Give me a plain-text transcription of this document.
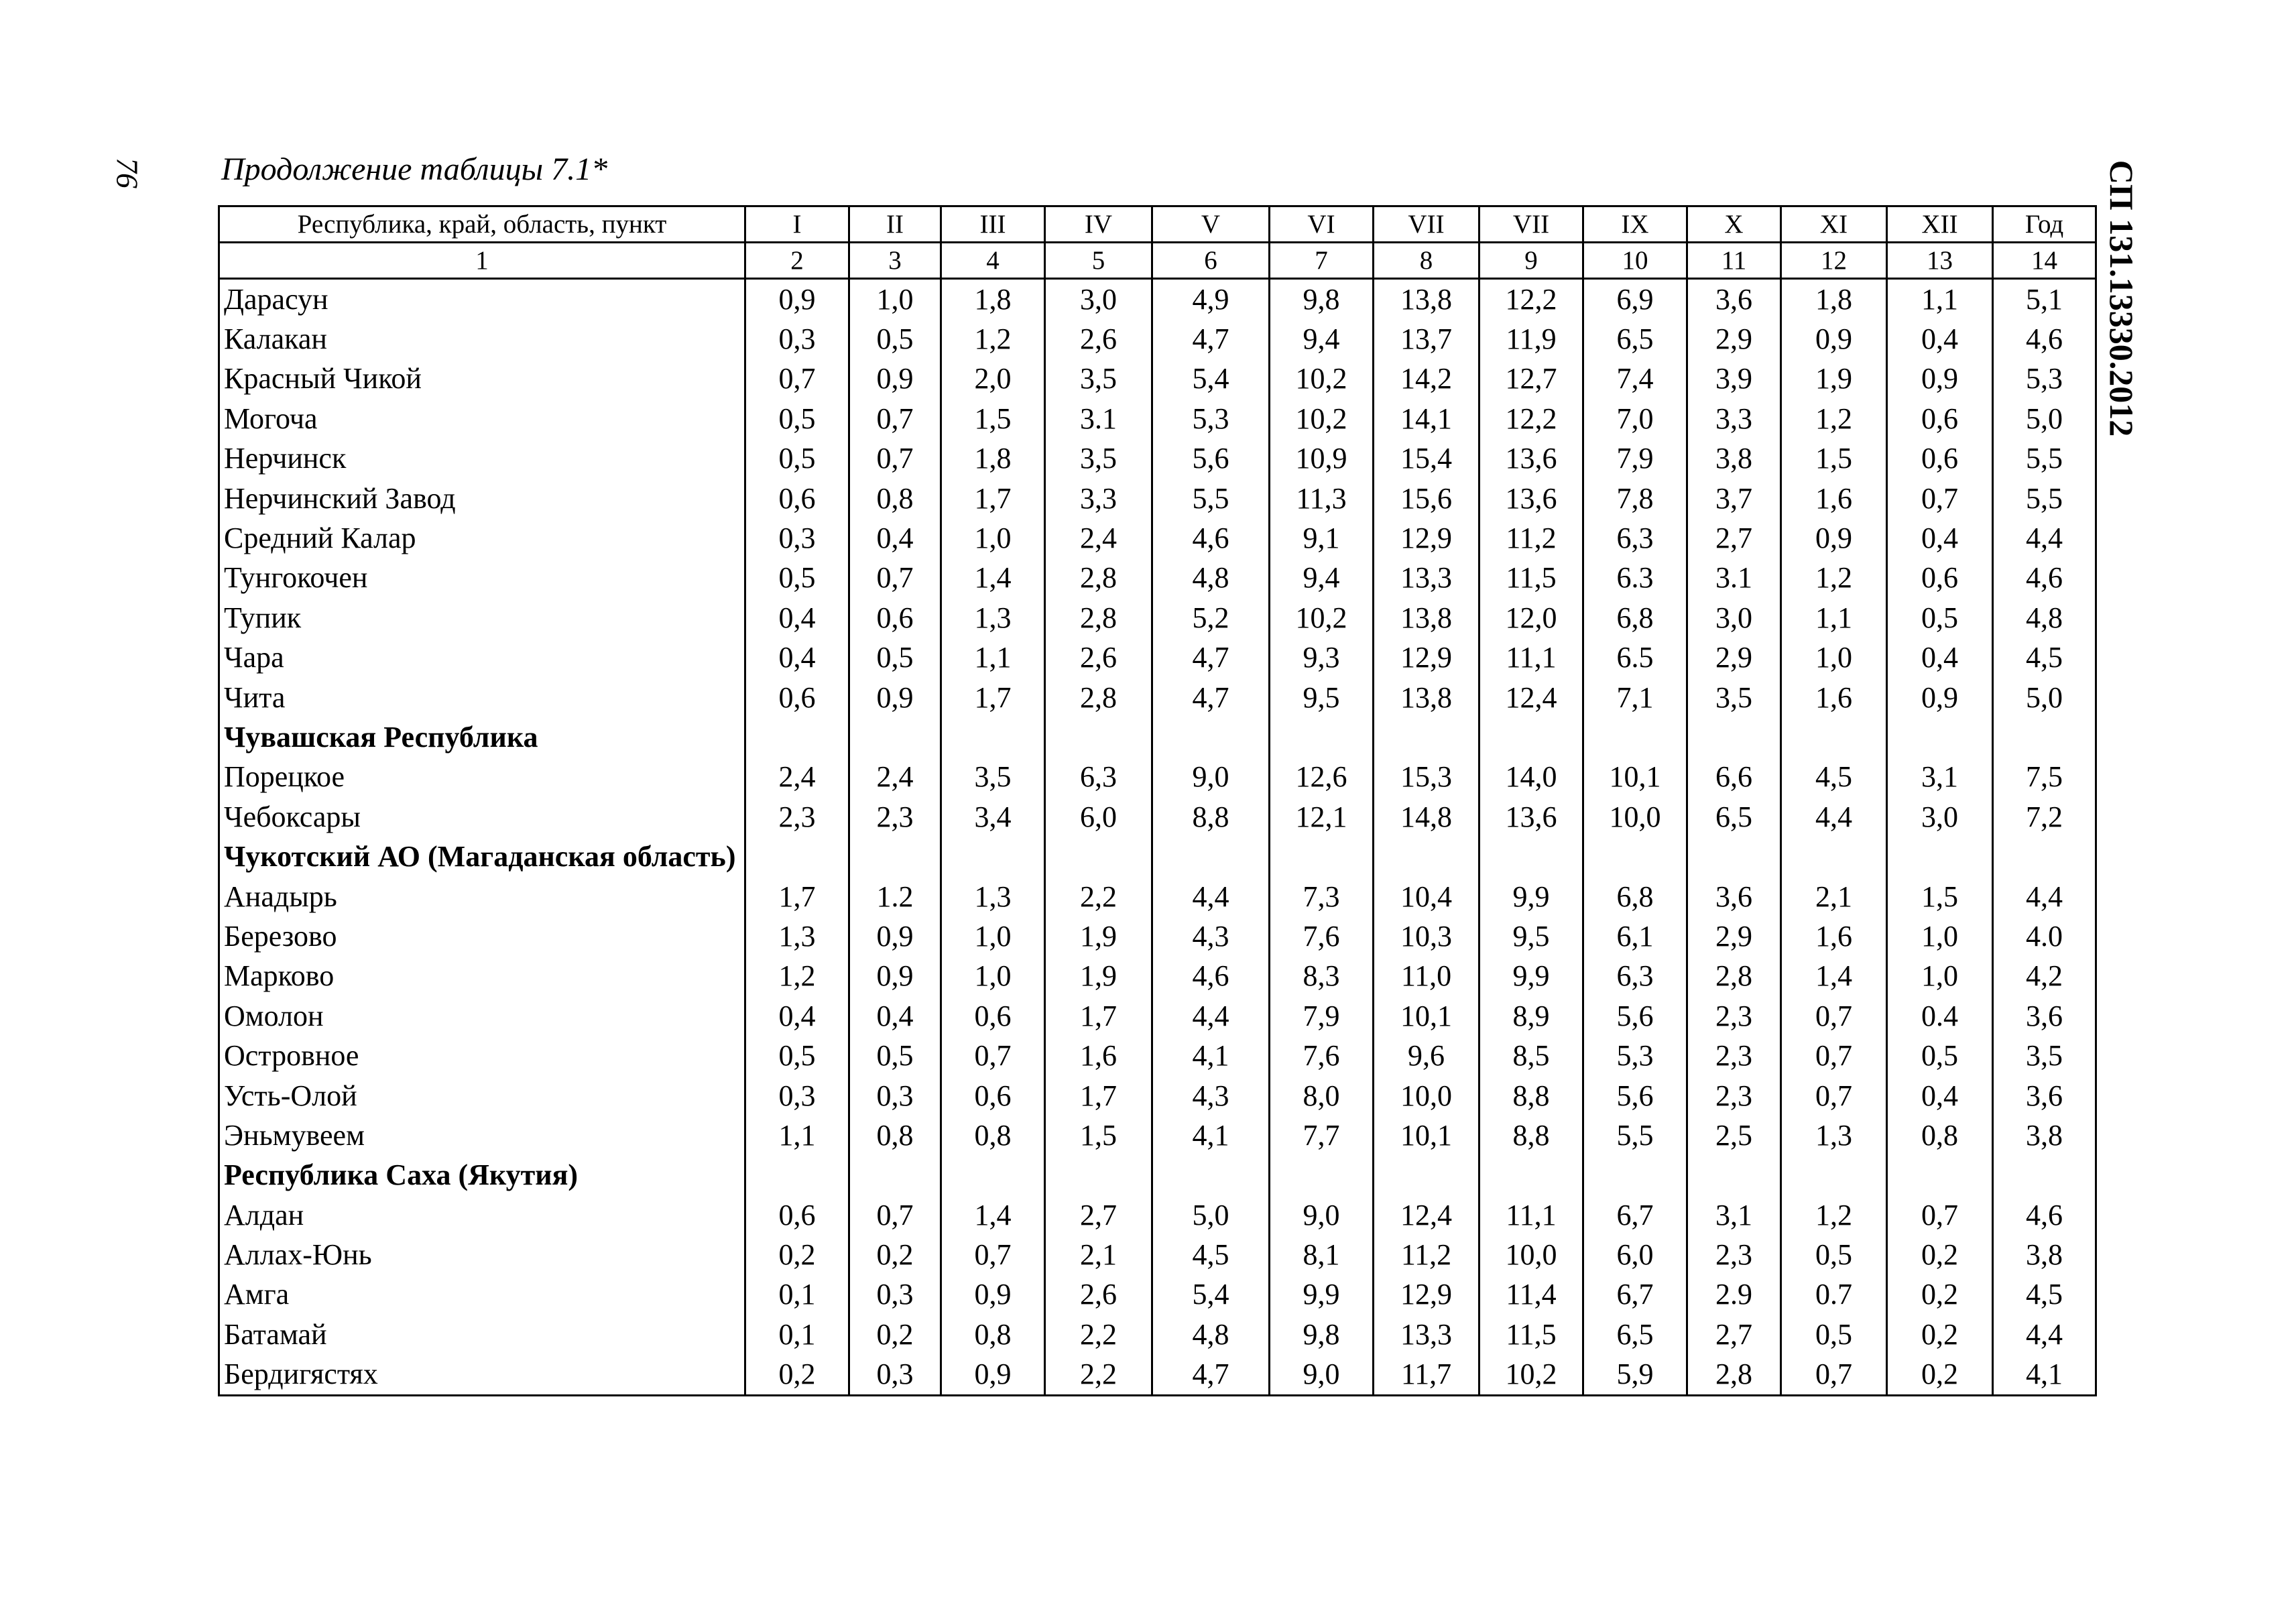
76	СП 131.13330.2012
Продолжение таблицы 7.1*
Республика, край, область, пункт	I	II	III	IV	V	VI	VII	VII	IX	X	XI	XII	Год
1	2	3	4	5	6	7	8	9	10	11	12	13	14
Дарасун	0,9	1,0	1,8	3,0	4,9	9,8	13,8	12,2	6,9	3,6	1,8	1,1	5,1
Калакан	0,3	0,5	1,2	2,6	4,7	9,4	13,7	11,9	6,5	2,9	0,9	0,4	4,6
Красный Чикой	0,7	0,9	2,0	3,5	5,4	10,2	14,2	12,7	7,4	3,9	1,9	0,9	5,3
Могоча	0,5	0,7	1,5	3.1	5,3	10,2	14,1	12,2	7,0	3,3	1,2	0,6	5,0
Нерчинск	0,5	0,7	1,8	3,5	5,6	10,9	15,4	13,6	7,9	3,8	1,5	0,6	5,5
Нерчинский Завод	0,6	0,8	1,7	3,3	5,5	11,3	15,6	13,6	7,8	3,7	1,6	0,7	5,5
Средний Калар	0,3	0,4	1,0	2,4	4,6	9,1	12,9	11,2	6,3	2,7	0,9	0,4	4,4
Тунгокочен	0,5	0,7	1,4	2,8	4,8	9,4	13,3	11,5	6.3	3.1	1,2	0,6	4,6
Тупик	0,4	0,6	1,3	2,8	5,2	10,2	13,8	12,0	6,8	3,0	1,1	0,5	4,8
Чара	0,4	0,5	1,1	2,6	4,7	9,3	12,9	11,1	6.5	2,9	1,0	0,4	4,5
Чита	0,6	0,9	1,7	2,8	4,7	9,5	13,8	12,4	7,1	3,5	1,6	0,9	5,0
Чувашская Республика													
Порецкое	2,4	2,4	3,5	6,3	9,0	12,6	15,3	14,0	10,1	6,6	4,5	3,1	7,5
Чебоксары	2,3	2,3	3,4	6,0	8,8	12,1	14,8	13,6	10,0	6,5	4,4	3,0	7,2
Чукотский АО (Магаданская область)													
Анадырь	1,7	1.2	1,3	2,2	4,4	7,3	10,4	9,9	6,8	3,6	2,1	1,5	4,4
Березово	1,3	0,9	1,0	1,9	4,3	7,6	10,3	9,5	6,1	2,9	1,6	1,0	4.0
Марково	1,2	0,9	1,0	1,9	4,6	8,3	11,0	9,9	6,3	2,8	1,4	1,0	4,2
Омолон	0,4	0,4	0,6	1,7	4,4	7,9	10,1	8,9	5,6	2,3	0,7	0.4	3,6
Островное	0,5	0,5	0,7	1,6	4,1	7,6	9,6	8,5	5,3	2,3	0,7	0,5	3,5
Усть-Олой	0,3	0,3	0,6	1,7	4,3	8,0	10,0	8,8	5,6	2,3	0,7	0,4	3,6
Эньмувеем	1,1	0,8	0,8	1,5	4,1	7,7	10,1	8,8	5,5	2,5	1,3	0,8	3,8
Республика Саха (Якутия)													
Алдан	0,6	0,7	1,4	2,7	5,0	9,0	12,4	11,1	6,7	3,1	1,2	0,7	4,6
Аллах-Юнь	0,2	0,2	0,7	2,1	4,5	8,1	11,2	10,0	6,0	2,3	0,5	0,2	3,8
Амга	0,1	0,3	0,9	2,6	5,4	9,9	12,9	11,4	6,7	2.9	0.7	0,2	4,5
Батамай	0,1	0,2	0,8	2,2	4,8	9,8	13,3	11,5	6,5	2,7	0,5	0,2	4,4
Бердигястях	0,2	0,3	0,9	2,2	4,7	9,0	11,7	10,2	5,9	2,8	0,7	0,2	4,1
